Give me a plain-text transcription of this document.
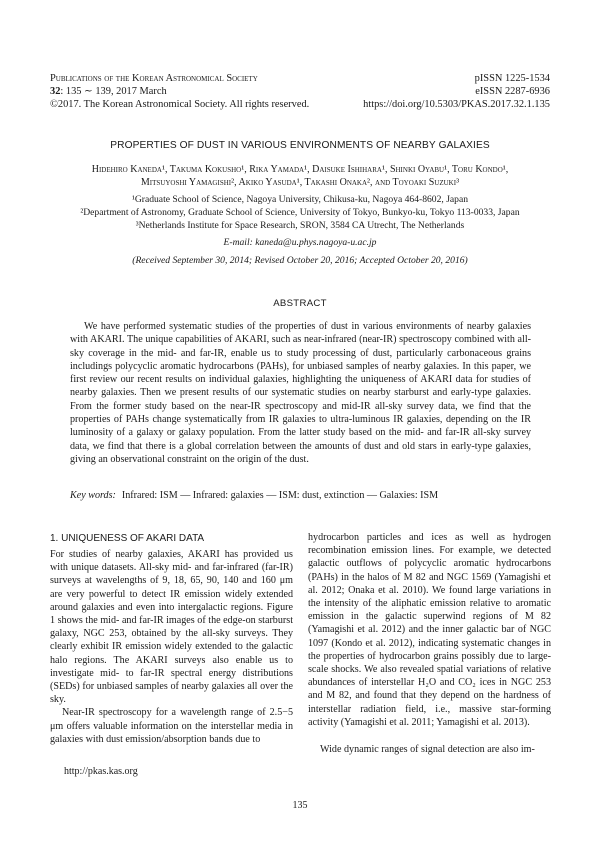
Publications of the Korean Astronomical Society
32: 135 ∼ 139, 2017 March
©2017. The Korean Astronomical Society. All rights reserved.
pISSN 1225-1534
eISSN 2287-6936
https://doi.org/10.5303/PKAS.2017.32.1.135
PROPERTIES OF DUST IN VARIOUS ENVIRONMENTS OF NEARBY GALAXIES
Hidehiro Kaneda¹, Takuma Kokusho¹, Rika Yamada¹, Daisuke Ishihara¹, Shinki Oyabu¹, Toru Kondo¹,
Mitsuyoshi Yamagishi², Akiko Yasuda¹, Takashi Onaka², and Toyoaki Suzuki³
¹Graduate School of Science, Nagoya University, Chikusa-ku, Nagoya 464-8602, Japan
²Department of Astronomy, Graduate School of Science, University of Tokyo, Bunkyo-ku, Tokyo 113-0033, Japan
³Netherlands Institute for Space Research, SRON, 3584 CA Utrecht, The Netherlands
E-mail: kaneda@u.phys.nagoya-u.ac.jp
(Received September 30, 2014; Revised October 20, 2016; Accepted October 20, 2016)
ABSTRACT

We have performed systematic studies of the properties of dust in various environments of nearby galaxies with AKARI. The unique capabilities of AKARI, such as near-infrared (near-IR) spectroscopy combined with all-sky coverage in the mid- and far-IR, enable us to study processing of dust, particularly carbonaceous grains includings polycyclic aromatic hydrocarbons (PAHs), for unbiased samples of nearby galaxies. In this paper, we first review our recent results on individual galaxies, highlighting the uniqueness of AKARI data for studies of nearby galaxies. Then we present results of our systematic studies on nearby starburst and early-type galaxies. From the former study based on the near-IR spectroscopy and mid-IR all-sky survey data, we find that the properties of PAHs change systematically from IR galaxies to ultra-luminous IR galaxies, depending on the IR luminosity of a galaxy or galaxy population. From the latter study based on the mid- and far-IR all-sky survey data, we find that there is a global correlation between the amounts of dust and old stars in early-type galaxies, giving an observational constraint on the origin of the dust.

Key words: Infrared: ISM — Infrared: galaxies — ISM: dust, extinction — Galaxies: ISM
1. UNIQUENESS OF AKARI DATA

For studies of nearby galaxies, AKARI has provided us with unique datasets. All-sky mid- and far-infrared (far-IR) surveys at wavelengths of 9, 18, 65, 90, 140 and 160 μm are very powerful to detect IR emission widely extended around galaxies and even into intergalactic regions. Figure 1 shows the mid- and far-IR images of the edge-on starburst galaxy, NGC 253, obtained by the all-sky surveys. They clearly exhibit IR emission widely extended to the galactic halo regions. The AKARI surveys also enable us to investigate mid- to far-IR spectral energy distributions (SEDs) for unbiased samples of nearby galaxies all over the sky.

Near-IR spectroscopy for a wavelength range of 2.5−5 μm offers valuable information on the interstellar media in galaxies with dust emission/absorption bands due to

hydrocarbon particles and ices as well as hydrogen recombination emission lines. For example, we detected galactic outflows of polycyclic aromatic hydrocarbons (PAHs) in the halos of M 82 and NGC 1569 (Yamagishi et al. 2012; Onaka et al. 2010). We found large variations in the intensity of the aliphatic emission relative to aromatic emission in the galactic superwind regions of M 82 (Yamagishi et al. 2012) and the inner galactic bar of NGC 1097 (Kondo et al. 2012), indicating systematic changes in the properties of hydrocarbon grains possibly due to large-scale shocks. We also revealed spatial variations of relative abundances of interstellar H₂O and CO₂ ices in NGC 253 and M 82, and found that they depend on the hardness of interstellar radiation field, i.e., massive star-forming activity (Yamagishi et al. 2011; Yamagishi et al. 2013).

Wide dynamic ranges of signal detection are also im-

http://pkas.kas.org
135
